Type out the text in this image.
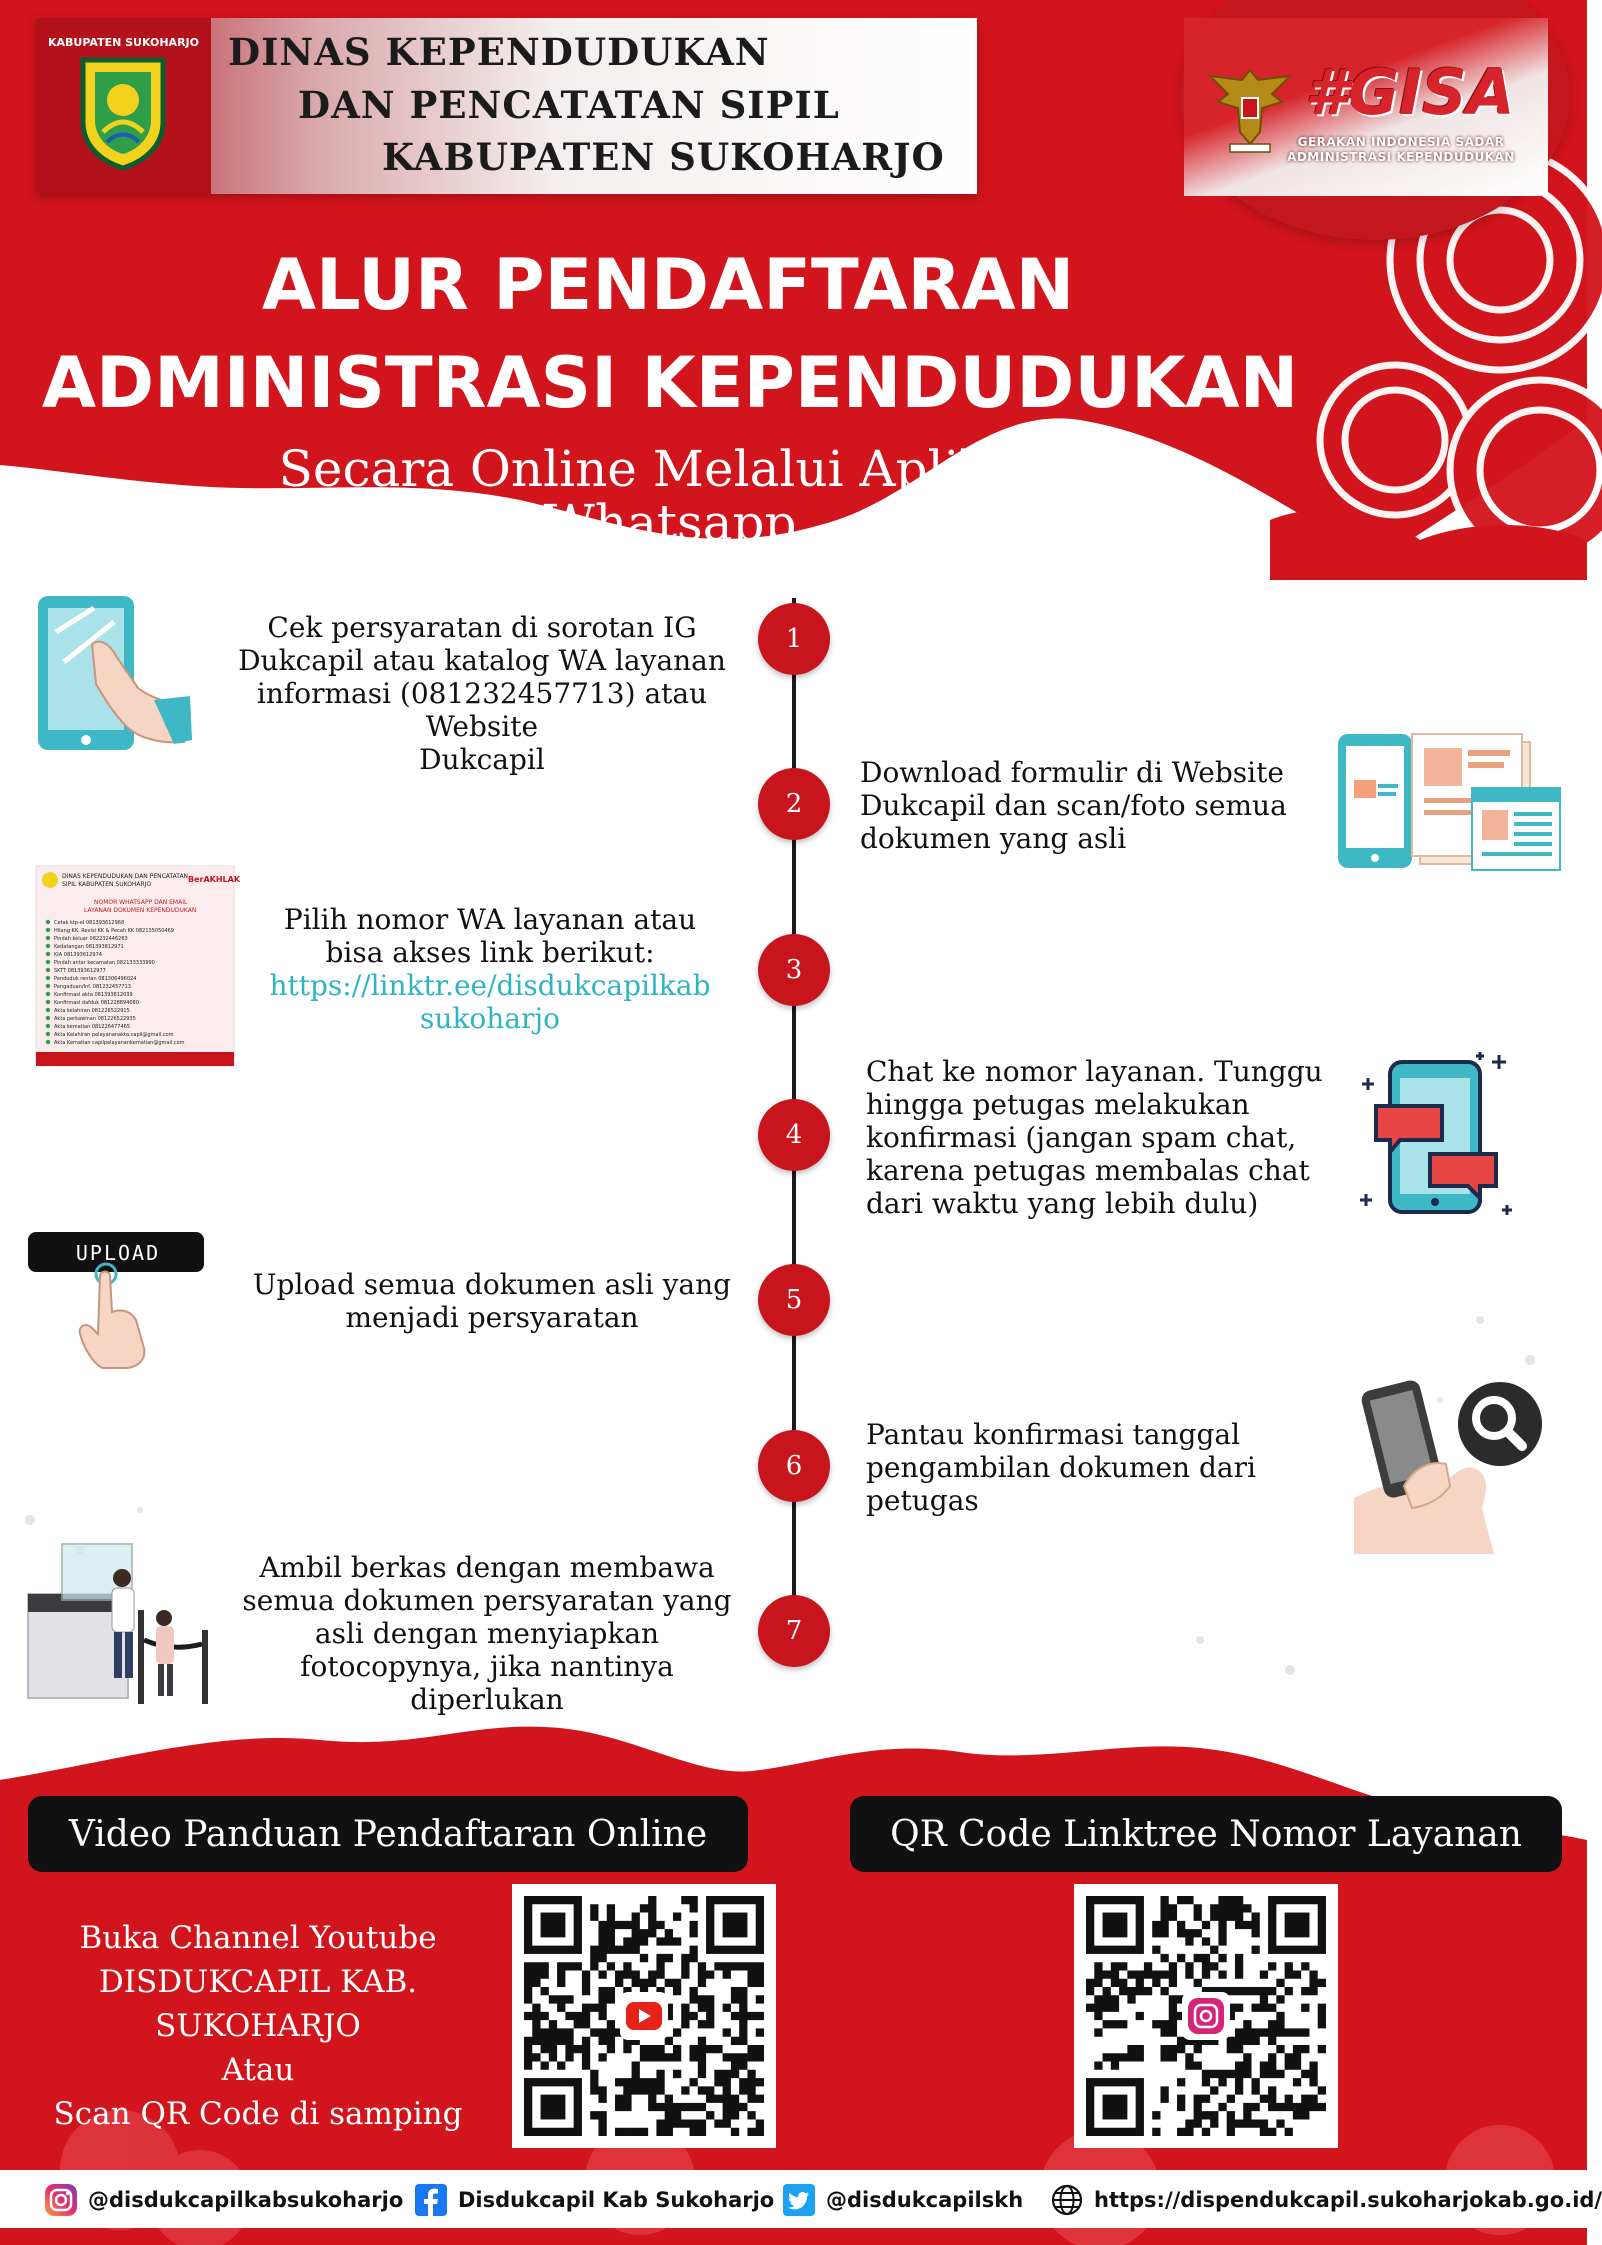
KABUPATEN SUKOHARJO DINAS KEPENDUDUKAN
DAN PENCATATAN SIPIL
KABUPATEN SUKOHARJO
#GISA
GERAKAN INDONESIA SADAR
ADMINISTRASI KEPENDUDUKAN
ALUR PENDAFTARAN
ADMINISTRASI KEPENDUDUKAN
Secara Online Melalui Aplikasi
Whatsapp
1
Cek persyaratan di sorotan IG
Dukcapil atau katalog WA layanan
informasi (081232457713) atau Website
Dukcapil
2
Download formulir di Website
Dukcapil dan scan/foto semua
dokumen yang asli
3
Pilih nomor WA layanan atau
bisa akses link berikut:
https://linktr.ee/disdukcapilkab
sukoharjo
4
Chat ke nomor layanan. Tunggu
hingga petugas melakukan
konfirmasi (jangan spam chat,
karena petugas membalas chat
dari waktu yang lebih dulu)
5
Upload semua dokumen asli yang
menjadi persyaratan
6
Pantau konfirmasi tanggal
pengambilan dokumen dari
petugas
7
Ambil berkas dengan membawa
semua dokumen persyaratan yang
asli dengan menyiapkan
fotocopynya, jika nantinya
diperlukan
DINAS KEPENDUDUKAN DAN PENCATATAN
SIPIL KABUPATEN SUKOHARJO
BerAKHLAK
NOMOR WHATSAPP DAN EMAIL
LAYANAN DOKUMEN KEPENDUDUKAN
Cetak ktp-el 081393612968
Hilang KK, Revisi KK & Pecah KK 082135050469
Pindah keluar 082232446263
Kedatangan 081393812971
KIA 081393612974
Pindah antar kecamatan 082133333990
SKTT 081393612977
Penduduk rentan 081306496024
Pengaduan/Inf. 081232457713
Konfirmasi akta 081393812039
Konfirmasi dafduk 081228894080
Akta kelahiran 081226522915
Akta perkawinan 081226522935
Akta kematian 081226477465
Akta Kelahiran pelayananakta.capil@gmail.com
Akta Kematian capilpelayanankematian@gmail.com
UPLOAD
Video Panduan Pendaftaran Online	QR Code Linktree Nomor Layanan
Buka Channel Youtube
DISDUKCAPIL KAB. SUKOHARJO
Atau
Scan QR Code di samping
@disdukcapilkabsukoharjo	Disdukcapil Kab Sukoharjo @disdukcapilskh	https://dispendukcapil.sukoharjokab.go.id/
